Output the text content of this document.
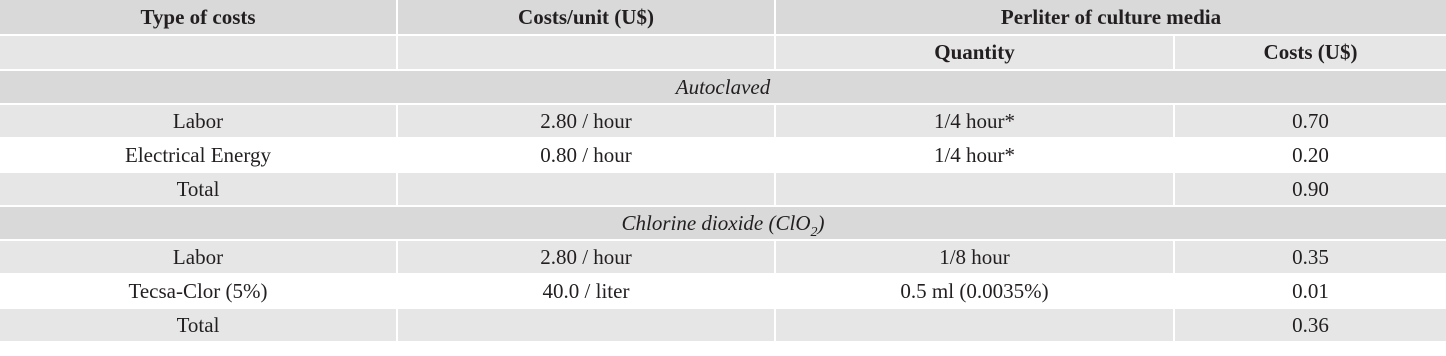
Type of costs	Costs/unit (U$)	Perliter of culture media	
		Quantity	Costs (U$)
Autoclaved			
Labor	2.80 / hour	1/4 hour*	0.70
Electrical Energy	0.80 / hour	1/4 hour*	0.20
Total			0.90
Chlorine dioxide (ClO$_2$)			
Labor	2.80 / hour	1/8 hour	0.35
Tecsa-Clor (5%)	40.0 / liter	0.5 ml (0.0035%)	0.01
Total			0.36
